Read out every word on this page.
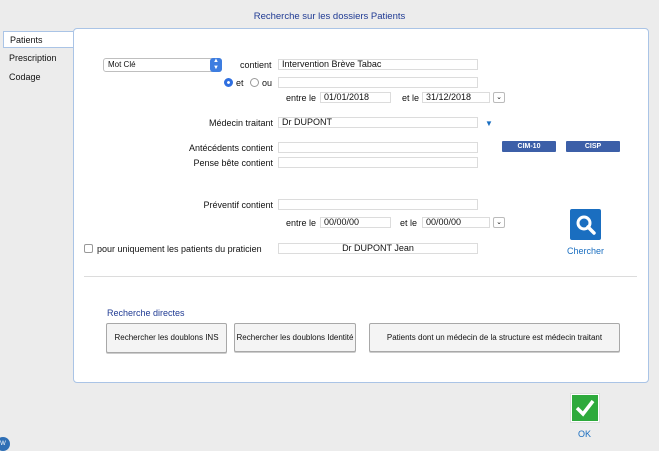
Recherche sur les dossiers Patients
Patients
Prescription
Codage
Mot Clé	▲
▼	contient	Intervention Brève Tabac
et ou
entre le 01/01/2018	et le 31/12/2018	⌄
Médecin traitant	Dr DUPONT	▼
Antécédents contient	CIM-10	CISP
Pense bête contient
Préventif contient
entre le 00/00/00	et le 00/00/00	⌄
Chercher
pour uniquement les patients du praticien	Dr DUPONT Jean
Recherche directes
Rechercher les doublons INS	Rechercher les doublons Identité	Patients dont un médecin de la structure est médecin traitant
OK
W
